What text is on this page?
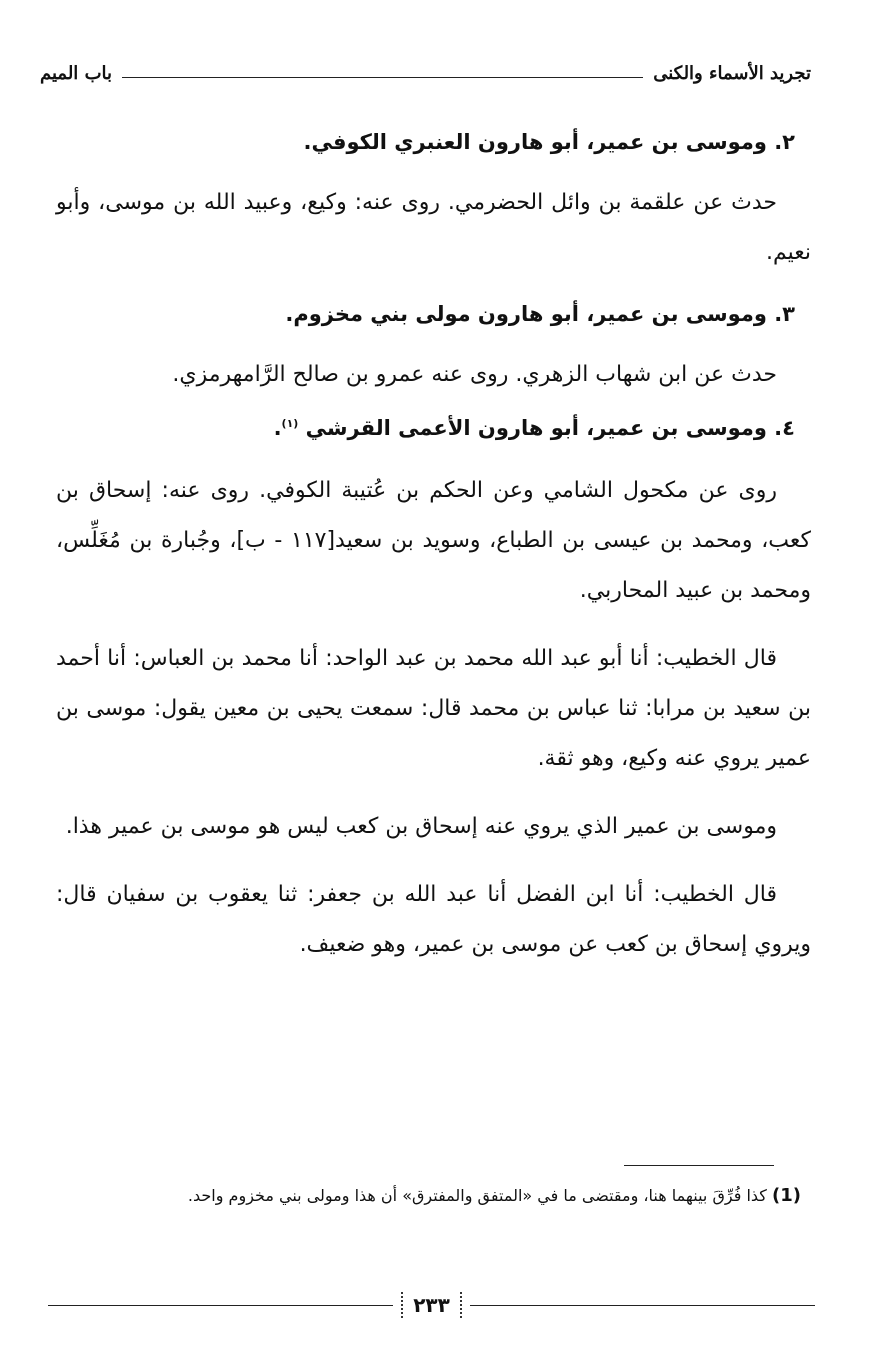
تجريد الأسماء والكنى
باب الميم
٢. وموسى بن عمير، أبو هارون العنبري الكوفي.

حدث عن علقمة بن وائل الحضرمي. روى عنه: وكيع، وعبيد الله بن موسى، وأبو نعيم.

٣. وموسى بن عمير، أبو هارون مولى بني مخزوم.

حدث عن ابن شهاب الزهري. روى عنه عمرو بن صالح الرَّامهرمزي.

٤. وموسى بن عمير، أبو هارون الأعمى القرشي $^{(١)}$.

روى عن مكحول الشامي وعن الحكم بن عُتيبة الكوفي. روى عنه: إسحاق بن كعب، ومحمد بن عيسى بن الطباع، وسويد بن سعيد[١١٧ - ب]، وجُبارة بن مُغَلِّس، ومحمد بن عبيد المحاربي.

قال الخطيب: أنا أبو عبد الله محمد بن عبد الواحد: أنا محمد بن العباس: أنا أحمد بن سعيد بن مرابا: ثنا عباس بن محمد قال: سمعت يحيى بن معين يقول: موسى بن عمير يروي عنه وكيع، وهو ثقة.

وموسى بن عمير الذي يروي عنه إسحاق بن كعب ليس هو موسى بن عمير هذا.

قال الخطيب: أنا ابن الفضل أنا عبد الله بن جعفر: ثنا يعقوب بن سفيان قال: ويروي إسحاق بن كعب عن موسى بن عمير، وهو ضعيف.

(1) كذا فُرِّقَ بينهما هنا، ومقتضى ما في «المتفق والمفترق» أن هذا ومولى بني مخزوم واحد.
٢٣٣
